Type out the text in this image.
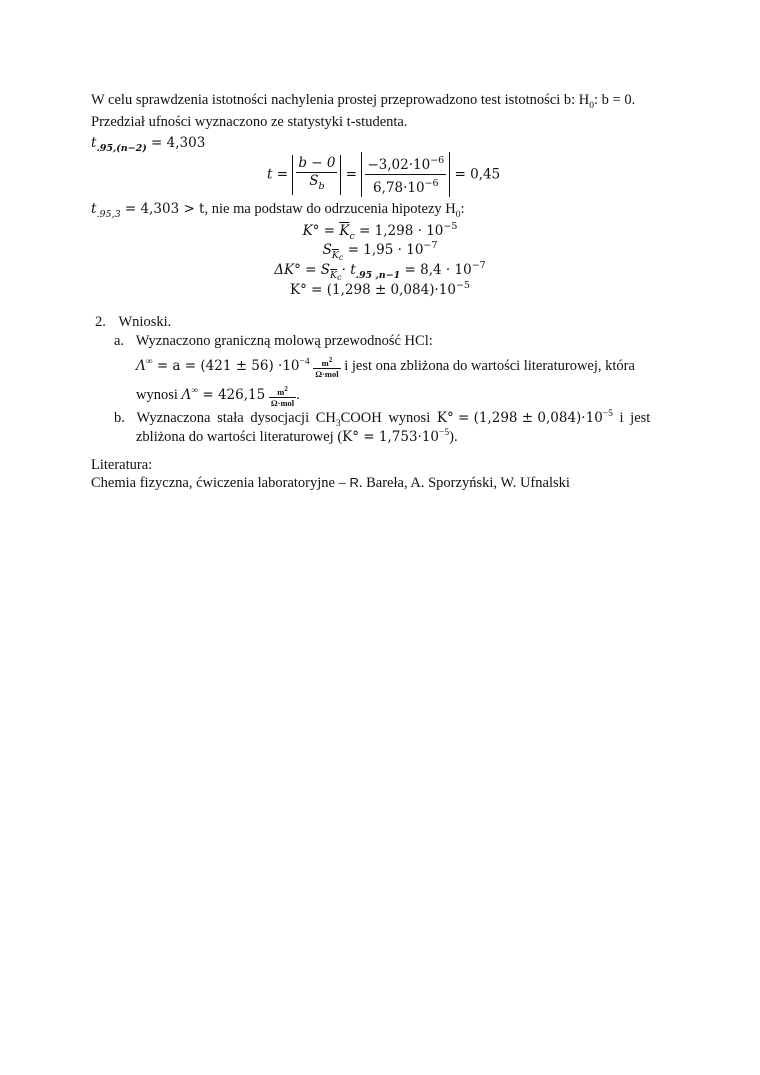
W celu sprawdzenia istotności nachylenia prostej przeprowadzono test istotności b: $H_0$: b = 0.
Przedział ufności wyznaczono ze statystyki t-studenta.
$t_{.95,(n-2)} = 4,303$
$t = \frac{b - 0}{S_b} = \frac{-3,02\cdot 10^{-6}}{6,78\cdot 10^{-6}} = 0,45$
$t_{.95,3} = 4,303 > t$, nie ma podstaw do odrzucenia hipotezy $H_0$:
$K^\circ = \overline{K}_c = 1,298 \cdot 10^{-5}$
$S_{\overline{K}c} = 1,95 \cdot 10^{-7}$
$\Delta K^\circ = S_{\overline{K}c}\cdot t_{.95 ,n-1} = 8,4 \cdot 10^{-7}$
$K^\circ = (1,298 \pm 0,084)\cdot 10^{-5}$
2. Wnioski.
a. Wyznaczono graniczną molową przewodność HCl:
$\Lambda^\infty = a = (421 \pm 56) \cdot 10^{-4} \frac{m^2}{\text{Ω·mol}}$ i jest ona zbliżona do wartości literaturowej, która
wynosi $\Lambda^\infty = 426,15 \frac{m^2}{\text{Ω·mol}}$ .
b. Wyznaczona stała dysocjacji $CH_3COOH$ wynosi $K^\circ = (1,298 \pm 0,084)\cdot 10^{-5}$ i jest
zbliżona do wartości literaturowej $(K^\circ = 1,753\cdot 10^{-5})$.
Literatura:
Chemia fizyczna, ćwiczenia laboratoryjne – R. Bareła, A. Sporzyński, W. Ufnalski
